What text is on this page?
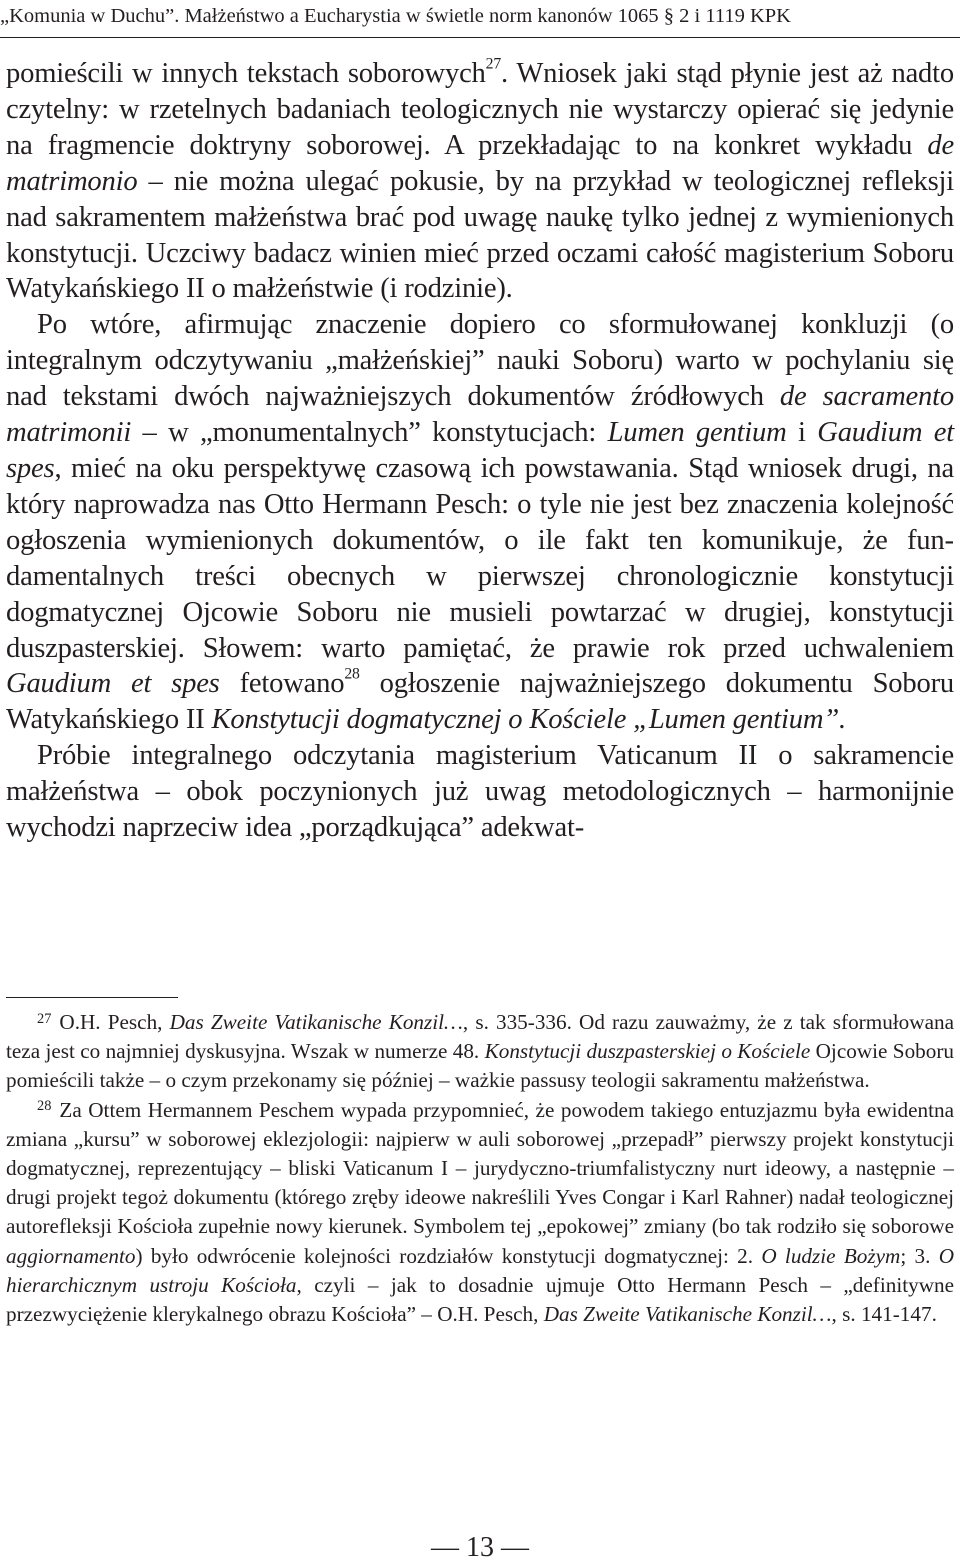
„Komunia w Duchu”. Małżeństwo a Eucharystia w świetle norm kanonów 1065 § 2 i 1119 KPK

pomieścili w innych tekstach soborowych$^{27}$. Wniosek jaki stąd płynie jest aż nadto czytelny: w rzetelnych badaniach teologicznych nie wystarczy opierać się jedynie na fragmencie doktryny soborowej. A przekładając to na konkret wykładu de matrimonio – nie można ulegać pokusie, by na przykład w teologicznej refleksji nad sakramentem małżeństwa brać pod uwagę naukę tylko jednej z wymienionych konstytucji. Uczciwy badacz winien mieć przed oczami całość magisterium Soboru Watykańskiego II o małżeństwie (i rodzinie).

Po wtóre, afirmując znaczenie dopiero co sformułowanej konkluzji (o integralnym odczytywaniu „małżeńskiej” nauki Soboru) warto w pochylaniu się nad tekstami dwóch najważniejszych dokumentów źródłowych de sacramento matrimonii – w „monumentalnych” konstytucjach: Lumen gentium i Gaudium et spes, mieć na oku perspektywę czasową ich powstawania. Stąd wniosek drugi, na który naprowadza nas Otto Hermann Pesch: o tyle nie jest bez znaczenia kolejność ogłoszenia wymienionych dokumentów, o ile fakt ten komunikuje, że fundamentalnych treści obecnych w pierwszej chronologicznie konstytucji dogmatycznej Ojcowie Soboru nie musieli powtarzać w drugiej, konstytucji duszpasterskiej. Słowem: warto pamiętać, że prawie rok przed uchwaleniem Gaudium et spes fetowano$^{28}$ ogłoszenie najważniejszego dokumentu Soboru Watykańskiego II Konstytucji dogmatycznej o Kościele „Lumen gentium”.

Próbie integralnego odczytania magisterium Vaticanum II o sakramencie małżeństwa – obok poczynionych już uwag metodologicznych – harmonijnie wychodzi naprzeciw idea „porządkująca” adekwat-

$^{27}$ O.H. Pesch, Das Zweite Vatikanische Konzil…, s. 335-336. Od razu zauważmy, że z tak sformułowana teza jest co najmniej dyskusyjna. Wszak w numerze 48. Konstytucji duszpasterskiej o Kościele Ojcowie Soboru pomieścili także – o czym przekonamy się później – ważkie passusy teologii sakramentu małżeństwa.

$^{28}$ Za Ottem Hermannem Peschem wypada przypomnieć, że powodem takiego entuzjazmu była ewidentna zmiana „kursu” w soborowej eklezjologii: najpierw w auli soborowej „przepadł” pierwszy projekt konstytucji dogmatycznej, reprezentujący – bliski Vaticanum I – jurydyczno-triumfalistyczny nurt ideowy, a następnie – drugi projekt tegoż dokumentu (którego zręby ideowe nakreślili Yves Congar i Karl Rahner) nadał teologicznej autorefleksji Kościoła zupełnie nowy kierunek. Symbolem tej „epokowej” zmiany (bo tak rodziło się soborowe aggiornamento) było odwrócenie kolejności rozdziałów konstytucji dogmatycznej: 2. O ludzie Bożym; 3. O hierarchicznym ustroju Kościoła, czyli – jak to dosadnie ujmuje Otto Hermann Pesch – „definitywne przezwyciężenie klerykalnego obrazu Kościoła” – O.H. Pesch, Das Zweite Vatikanische Konzil…, s. 141-147.

— 13 —
